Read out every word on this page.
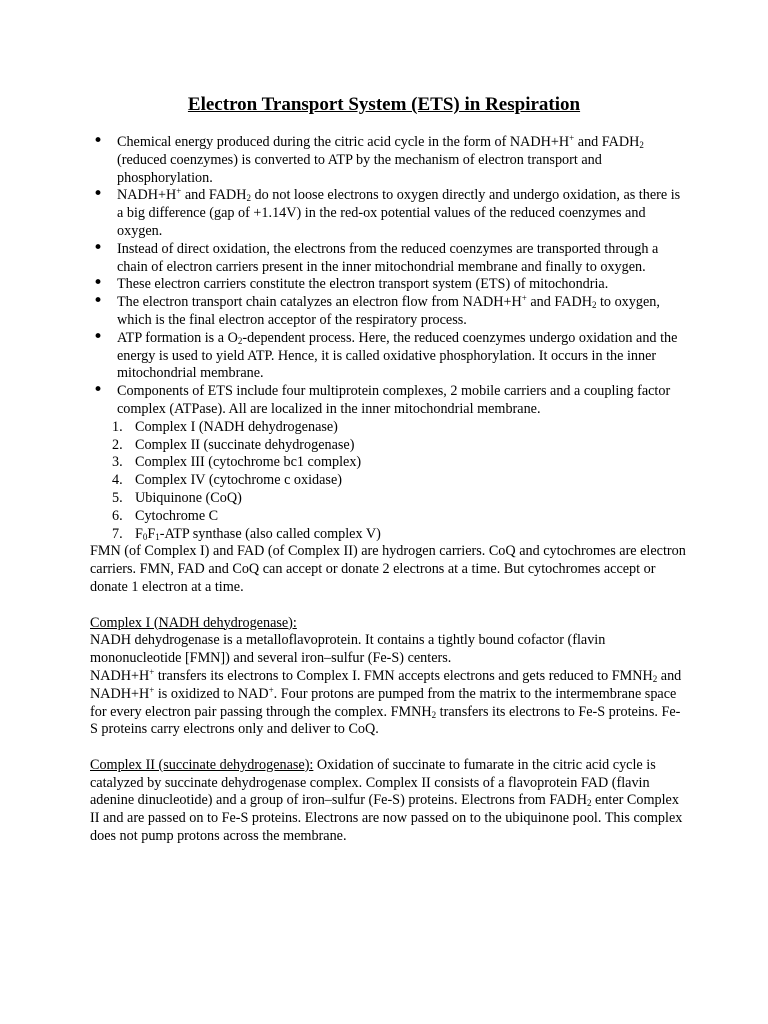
Electron Transport System (ETS) in Respiration
• Chemical energy produced during the citric acid cycle in the form of NADH+H+ and $FADH_2$ (reduced coenzymes) is converted to ATP by the mechanism of electron transport and phosphorylation.
• NADH+H+ and $FADH_2$ do not loose electrons to oxygen directly and undergo oxidation, as there is a big difference (gap of +1.14V) in the red-ox potential values of the reduced coenzymes and oxygen.
• Instead of direct oxidation, the electrons from the reduced coenzymes are transported through a chain of electron carriers present in the inner mitochondrial membrane and finally to oxygen.
• These electron carriers constitute the electron transport system (ETS) of mitochondria.
• The electron transport chain catalyzes an electron flow from NADH+H+ and $FADH_2$ to oxygen, which is the final electron acceptor of the respiratory process.
• ATP formation is a $O_2$-dependent process. Here, the reduced coenzymes undergo oxidation and the energy is used to yield ATP. Hence, it is called oxidative phosphorylation. It occurs in the inner mitochondrial membrane.
• Components of ETS include four multiprotein complexes, 2 mobile carriers and a coupling factor complex (ATPase). All are localized in the inner mitochondrial membrane.
1. Complex I (NADH dehydrogenase)
2. Complex II (succinate dehydrogenase)
3. Complex III (cytochrome bc1 complex)
4. Complex IV (cytochrome c oxidase)
5. Ubiquinone (CoQ)
6. Cytochrome C
7. $F_0F_1$-ATP synthase (also called complex V)

FMN (of Complex I) and FAD (of Complex II) are hydrogen carriers. CoQ and cytochromes are electron carriers. FMN, FAD and CoQ can accept or donate 2 electrons at a time. But cytochromes accept or donate 1 electron at a time.

Complex I (NADH dehydrogenase):

NADH dehydrogenase is a metalloflavoprotein. It contains a tightly bound cofactor (flavin mononucleotide [FMN]) and several iron–sulfur (Fe-S) centers.

NADH+H+ transfers its electrons to Complex I. FMN accepts electrons and gets reduced to $FMNH_2$ and NADH+H+ is oxidized to NAD+. Four protons are pumped from the matrix to the intermembrane space for every electron pair passing through the complex. $FMNH_2$ transfers its electrons to Fe-S proteins. Fe-S proteins carry electrons only and deliver to CoQ.

Complex II (succinate dehydrogenase): Oxidation of succinate to fumarate in the citric acid cycle is catalyzed by succinate dehydrogenase complex. Complex II consists of a flavoprotein FAD (flavin adenine dinucleotide) and a group of iron–sulfur (Fe-S) proteins. Electrons from $FADH_2$ enter Complex II and are passed on to Fe-S proteins. Electrons are now passed on to the ubiquinone pool. This complex does not pump protons across the membrane.
